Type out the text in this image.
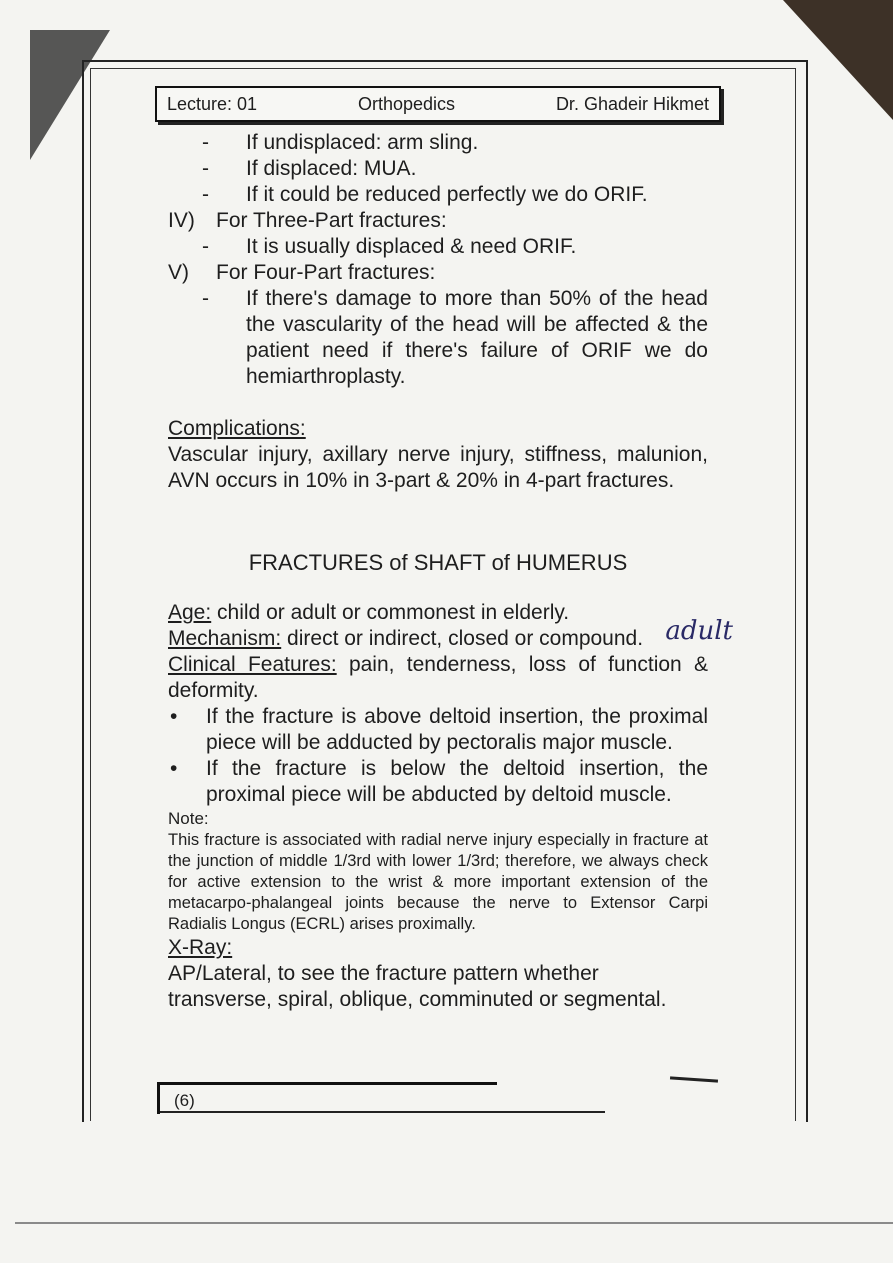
Lecture: 01	Orthopedics	Dr. Ghadeir Hikmet
- If undisplaced: arm sling.
- If displaced: MUA.
- If it could be reduced perfectly we do ORIF.
IV) For Three-Part fractures:
- It is usually displaced & need ORIF.
V) For Four-Part fractures:
- If there's damage to more than 50% of the head the vascularity of the head will be affected & the patient need if there's failure of ORIF we do hemiarthroplasty.
Complications:
Vascular injury, axillary nerve injury, stiffness, malunion, AVN occurs in 10% in 3-part & 20% in 4-part fractures.
FRACTURES of SHAFT of HUMERUS
Age: child or adult or commonest in elderly.
Mechanism: direct or indirect, closed or compound.
Clinical Features: pain, tenderness, loss of function & deformity.
• If the fracture is above deltoid insertion, the proximal piece will be adducted by pectoralis major muscle.
• If the fracture is below the deltoid insertion, the proximal piece will be abducted by deltoid muscle.
Note:
This fracture is associated with radial nerve injury especially in fracture at the junction of middle 1/3rd with lower 1/3rd; therefore, we always check for active extension to the wrist & more important extension of the metacarpo-phalangeal joints because the nerve to Extensor Carpi Radialis Longus (ECRL) arises proximally.
X-Ray:
AP/Lateral, to see the fracture pattern whether transverse, spiral, oblique, comminuted or segmental.
adult
(6)
